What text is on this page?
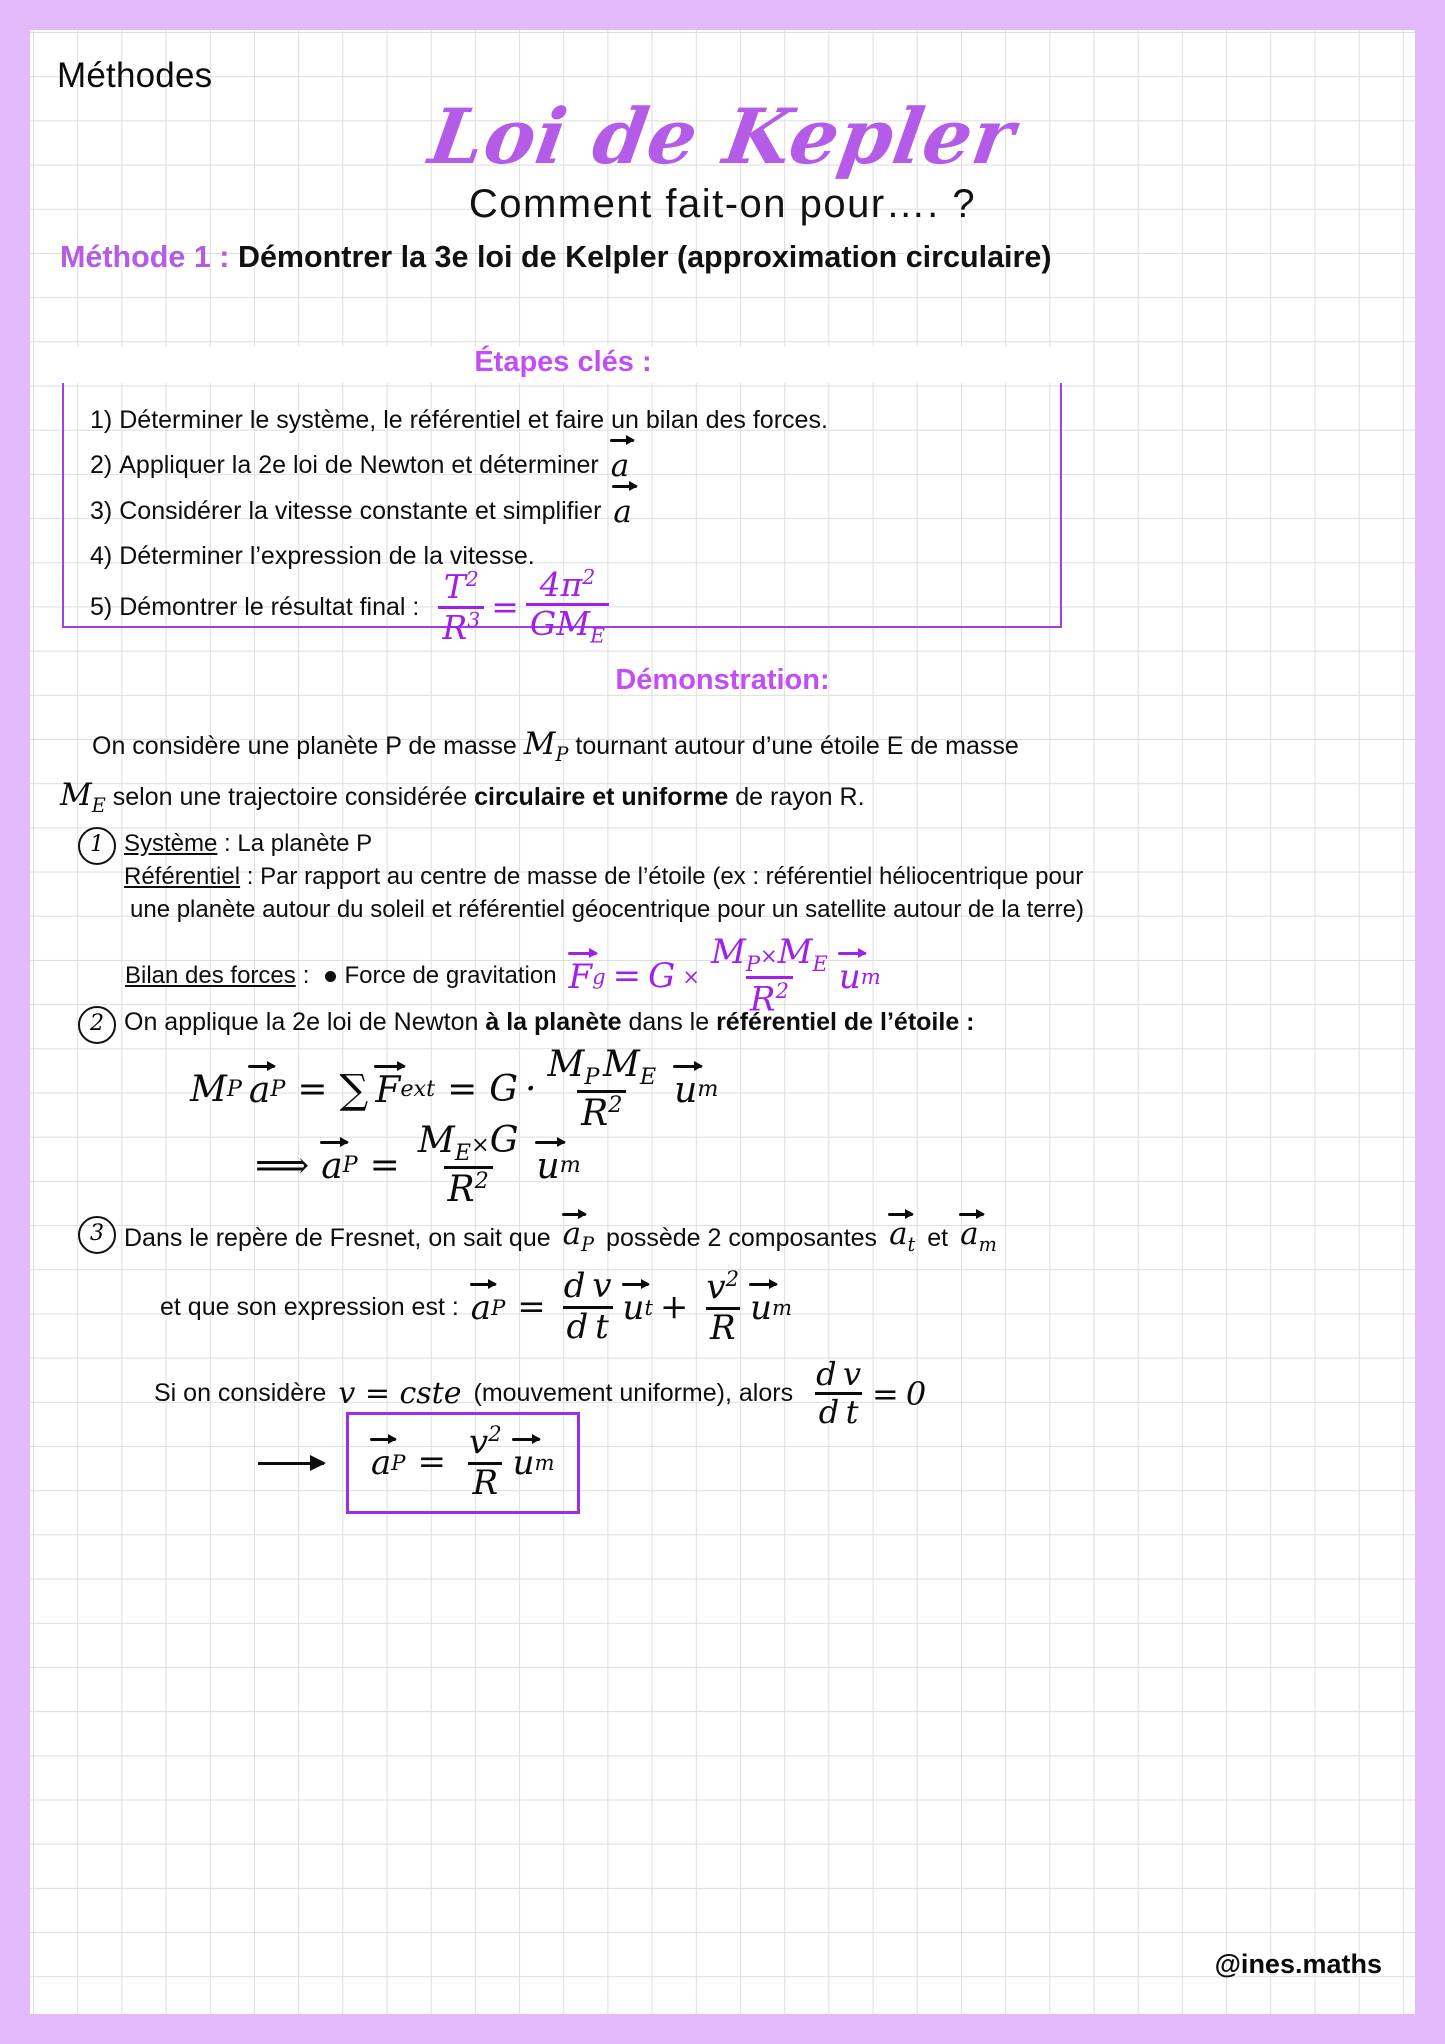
Méthodes
Loi de Kepler
Comment fait-on pour…. ?
Méthode 1 : Démontrer la 3e loi de Kelpler (approximation circulaire)
Étapes clés :
1) Déterminer le système, le référentiel et faire un bilan des forces.
2) Appliquer la 2e loi de Newton et déterminer a
3) Considérer la vitesse constante et simplifier a
4) Déterminer l’expression de la vitesse.
5) Démontrer le résultat final : $\frac{T^2}{R^3} = \frac{4\pi^2}{GM_E}$
Démonstration:
On considère une planète P de masse $M_P$ tournant autour d’une étoile E de masse
$M_E$ selon une trajectoire considérée circulaire et uniforme de rayon R.
1 Système : La planète P
Référentiel : Par rapport au centre de masse de l’étoile (ex : référentiel héliocentrique pour
une planète autour du soleil et référentiel géocentrique pour un satellite autour de la terre)
Bilan des forces : Force de gravitation F $g = G \times \frac{M_P\times M_E}{R^2}$ u m
2 On applique la 2e loi de Newton à la planète dans le référentiel de l’étoile :
M P a P = ∑ F ext = $G \cdot \frac{M_P M_E}{R^2}$ u m
⟹ a $P = \frac{M_E\times G}{R^2}$ u m
3 Dans le repère de Fresnet, on sait que $a_P$ possède 2 composantes $a_t$ et $a_m$
et que son expression est : a $P = \frac{\text{d v}}{\text{d t}}$ u $t + \frac{v^2}{R}$ u m
Si on considère v = cste (mouvement uniforme) , alors $\frac{\text{d v}}{\text{d t}} = 0$
a $P = \frac{v^2}{R}$ u m
@ines.maths
